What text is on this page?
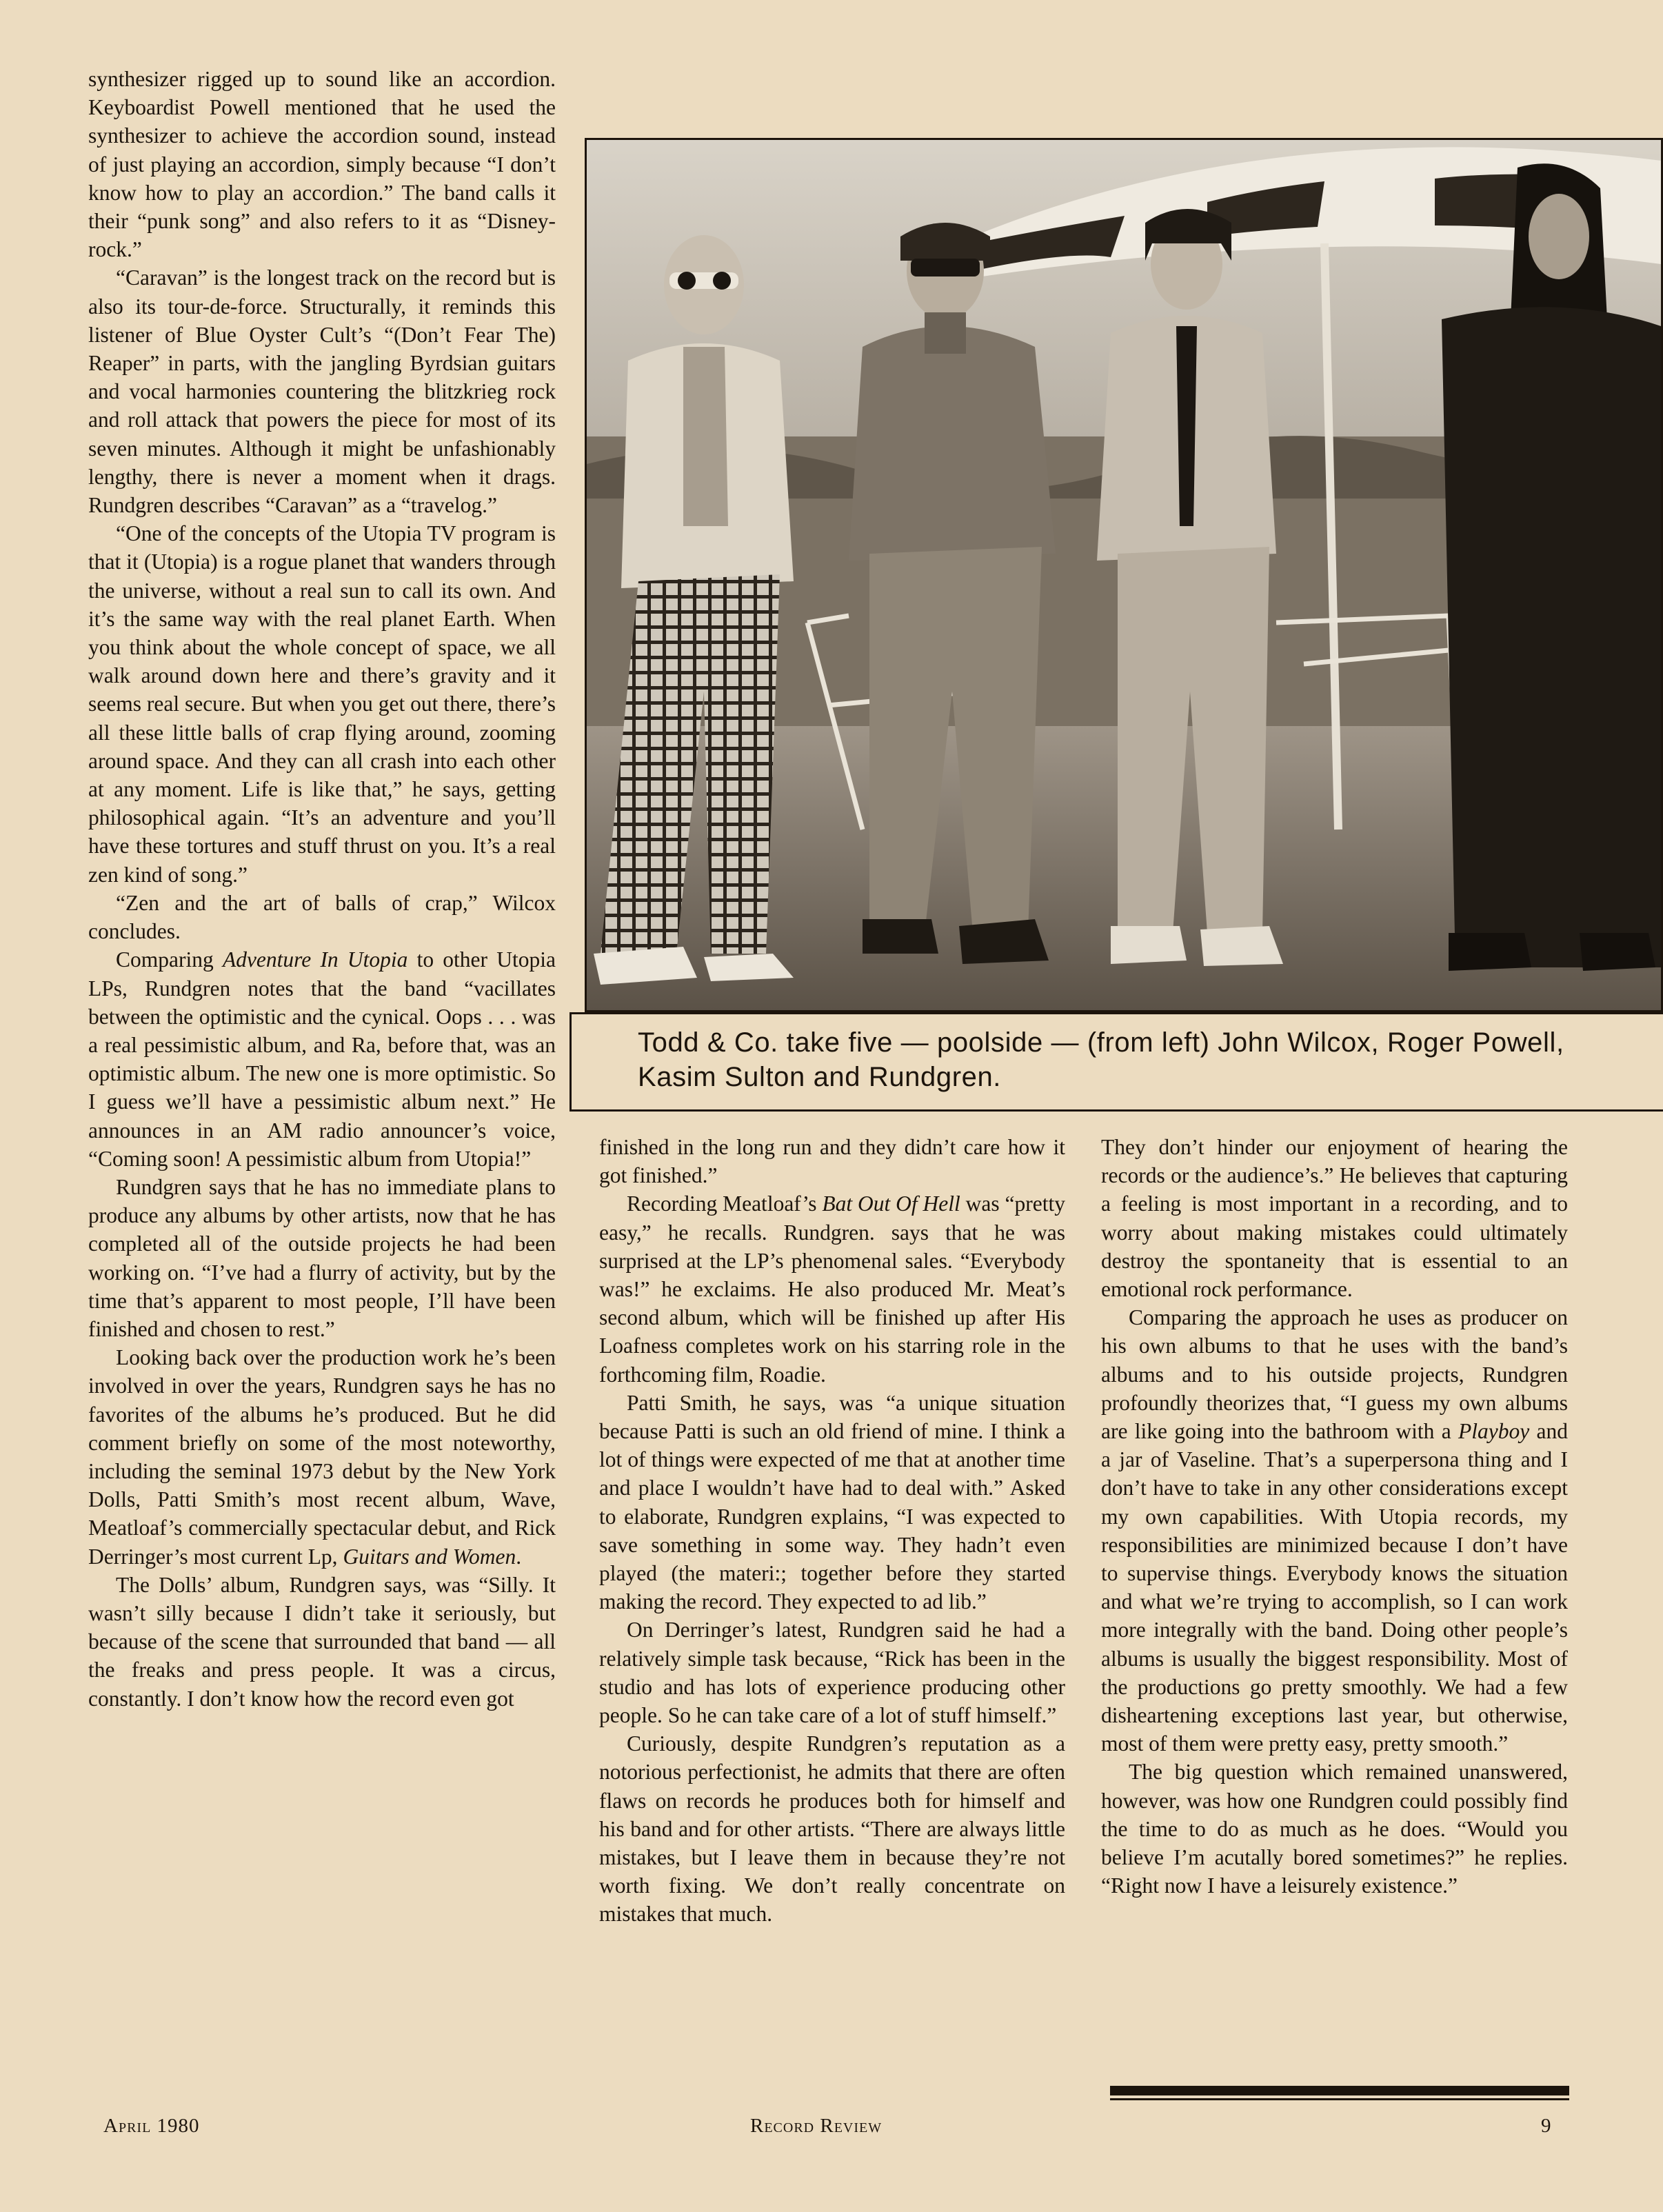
synthesizer rigged up to sound like an accordion. Keyboardist Powell mentioned that he used the synthesizer to achieve the accordion sound, instead of just playing an accordion, simply because “I don’t know how to play an accordion.” The band calls it their “punk song” and also refers to it as “Disney-rock.”

“Caravan” is the longest track on the record but is also its tour-de-force. Structurally, it reminds this listener of Blue Oyster Cult’s “(Don’t Fear The) Reaper” in parts, with the jangling Byrdsian guitars and vocal harmonies countering the blitzkrieg rock and roll attack that powers the piece for most of its seven minutes. Although it might be unfashionably lengthy, there is never a moment when it drags. Rundgren describes “Caravan” as a “travelog.”

“One of the concepts of the Utopia TV program is that it (Utopia) is a rogue planet that wanders through the universe, without a real sun to call its own. And it’s the same way with the real planet Earth. When you think about the whole concept of space, we all walk around down here and there’s gravity and it seems real secure. But when you get out there, there’s all these little balls of crap flying around, zooming around space. And they can all crash into each other at any moment. Life is like that,” he says, getting philosophical again. “It’s an adventure and you’ll have these tortures and stuff thrust on you. It’s a real zen kind of song.”

“Zen and the art of balls of crap,” Wilcox concludes.

Comparing Adventure In Utopia to other Utopia LPs, Rundgren notes that the band “vacillates between the optimistic and the cynical. Oops . . . was a real pessimistic album, and Ra, before that, was an optimistic album. The new one is more optimistic. So I guess we’ll have a pessimistic album next.” He announces in an AM radio announcer’s voice, “Coming soon! A pessimistic album from Utopia!”

Rundgren says that he has no immediate plans to produce any albums by other artists, now that he has completed all of the outside projects he had been working on. “I’ve had a flurry of activity, but by the time that’s apparent to most people, I’ll have been finished and chosen to rest.”

Looking back over the production work he’s been involved in over the years, Rundgren says he has no favorites of the albums he’s produced. But he did comment briefly on some of the most noteworthy, including the seminal 1973 debut by the New York Dolls, Patti Smith’s most recent album, Wave, Meatloaf’s commercially spectacular debut, and Rick Derringer’s most current Lp, Guitars and Women.

The Dolls’ album, Rundgren says, was “Silly. It wasn’t silly because I didn’t take it seriously, but because of the scene that surrounded that band — all the freaks and press people. It was a circus, constantly. I don’t know how the record even got

Todd & Co. take five — poolside — (from left) John Wilcox, Roger Powell, Kasim Sulton and Rundgren.

finished in the long run and they didn’t care how it got finished.”

Recording Meatloaf’s Bat Out Of Hell was “pretty easy,” he recalls. Rundgren. says that he was surprised at the LP’s phenomenal sales. “Everybody was!” he exclaims. He also produced Mr. Meat’s second album, which will be finished up after His Loafness completes work on his starring role in the forthcoming film, Roadie.

Patti Smith, he says, was “a unique situation because Patti is such an old friend of mine. I think a lot of things were expected of me that at another time and place I wouldn’t have had to deal with.” Asked to elaborate, Rundgren explains, “I was expected to save something in some way. They hadn’t even played (the materi:; together before they started making the record. They expected to ad lib.”

On Derringer’s latest, Rundgren said he had a relatively simple task because, “Rick has been in the studio and has lots of experience producing other people. So he can take care of a lot of stuff himself.”

Curiously, despite Rundgren’s reputation as a notorious perfectionist, he admits that there are often flaws on records he produces both for himself and his band and for other artists. “There are always little mistakes, but I leave them in because they’re not worth fixing. We don’t really concentrate on mistakes that much.

They don’t hinder our enjoyment of hearing the records or the audience’s.” He believes that capturing a feeling is most important in a recording, and to worry about making mistakes could ultimately destroy the spontaneity that is essential to an emotional rock performance.

Comparing the approach he uses as producer on his own albums to that he uses with the band’s albums and to his outside projects, Rundgren profoundly theorizes that, “I guess my own albums are like going into the bathroom with a Playboy and a jar of Vaseline. That’s a superpersona thing and I don’t have to take in any other considerations except my own capabilities. With Utopia records, my responsibilities are minimized because I don’t have to supervise things. Everybody knows the situation and what we’re trying to accomplish, so I can work more integrally with the band. Doing other people’s albums is usually the biggest responsibility. Most of the productions go pretty smoothly. We had a few disheartening exceptions last year, but otherwise, most of them were pretty easy, pretty smooth.”

The big question which remained unanswered, however, was how one Rundgren could possibly find the time to do as much as he does. “Would you believe I’m acutally bored sometimes?” he replies. “Right now I have a leisurely existence.”

April 1980	Record Review	9
